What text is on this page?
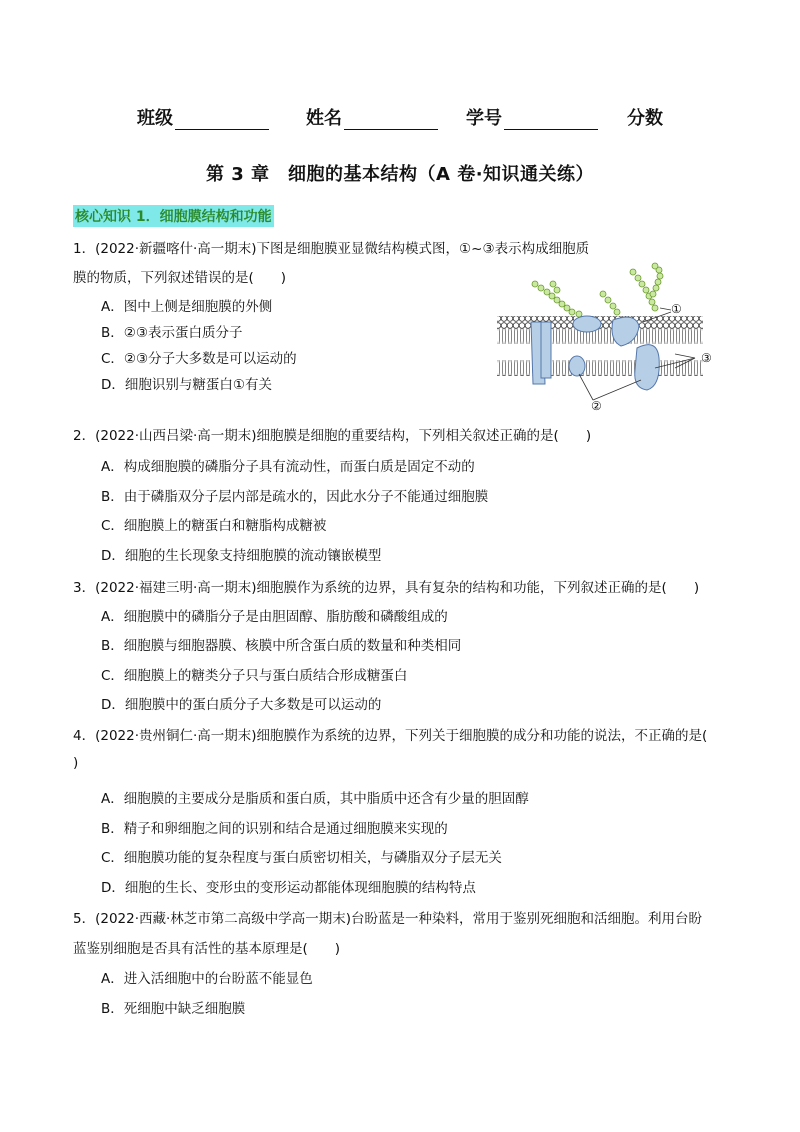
班级	姓名	学号	分数
第 3 章　细胞的基本结构（A 卷·知识通关练）
核心知识 1．细胞膜结构和功能
1．(2022·新疆喀什·高一期末)下图是细胞膜亚显微结构模式图，①~③表示构成细胞质
膜的物质，下列叙述错误的是(　　)
A．图中上侧是细胞膜的外侧
B．②③表示蛋白质分子
C．②③分子大多数是可以运动的
D．细胞识别与糖蛋白①有关
①
②
③
2．(2022·山西吕梁·高一期末)细胞膜是细胞的重要结构，下列相关叙述正确的是(　　)
A．构成细胞膜的磷脂分子具有流动性，而蛋白质是固定不动的
B．由于磷脂双分子层内部是疏水的，因此水分子不能通过细胞膜
C．细胞膜上的糖蛋白和糖脂构成糖被
D．细胞的生长现象支持细胞膜的流动镶嵌模型
3．(2022·福建三明·高一期末)细胞膜作为系统的边界，具有复杂的结构和功能，下列叙述正确的是(　　)
A．细胞膜中的磷脂分子是由胆固醇、脂肪酸和磷酸组成的
B．细胞膜与细胞器膜、核膜中所含蛋白质的数量和种类相同
C．细胞膜上的糖类分子只与蛋白质结合形成糖蛋白
D．细胞膜中的蛋白质分子大多数是可以运动的
4．(2022·贵州铜仁·高一期末)细胞膜作为系统的边界，下列关于细胞膜的成分和功能的说法，不正确的是(
)
A．细胞膜的主要成分是脂质和蛋白质，其中脂质中还含有少量的胆固醇
B．精子和卵细胞之间的识别和结合是通过细胞膜来实现的
C．细胞膜功能的复杂程度与蛋白质密切相关，与磷脂双分子层无关
D．细胞的生长、变形虫的变形运动都能体现细胞膜的结构特点
5．(2022·西藏·林芝市第二高级中学高一期末)台盼蓝是一种染料，常用于鉴别死细胞和活细胞。利用台盼
蓝鉴别细胞是否具有活性的基本原理是(　　)
A．进入活细胞中的台盼蓝不能显色
B．死细胞中缺乏细胞膜
